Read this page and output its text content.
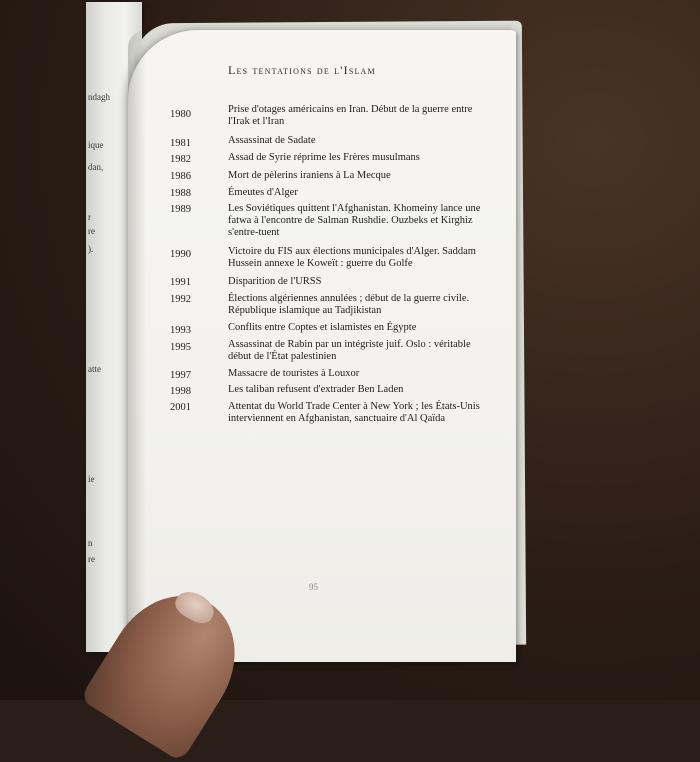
ndagh
ique
dan,
r
re
).
atte
ie
n
re
Les tentations de l'Islam
1980	Prise d'otages américains en Iran. Début de la guerre entre l'Irak et l'Iran
1981	Assassinat de Sadate
1982	Assad de Syrie réprime les Frères musulmans
1986	Mort de pèlerins iraniens à La Mecque
1988	Émeutes d'Alger
1989	Les Soviétiques quittent l'Afghanistan. Khomeiny lance une fatwa à l'encontre de Salman Rushdie. Ouzbeks et Kirghiz s'entre-tuent
1990	Victoire du FIS aux élections municipales d'Alger. Saddam Hussein annexe le Koweït : guerre du Golfe
1991	Disparition de l'URSS
1992	Élections algériennes annulées ; début de la guerre civile. République islamique au Tadjikistan
1993	Conflits entre Coptes et islamistes en Égypte
1995	Assassinat de Rabin par un intégriste juif. Oslo : véritable début de l'État palestinien
1997	Massacre de touristes à Louxor
1998	Les taliban refusent d'extrader Ben Laden
2001	Attentat du World Trade Center à New York ; les États-Unis interviennent en Afghanistan, sanctuaire d'Al Qaïda
95
